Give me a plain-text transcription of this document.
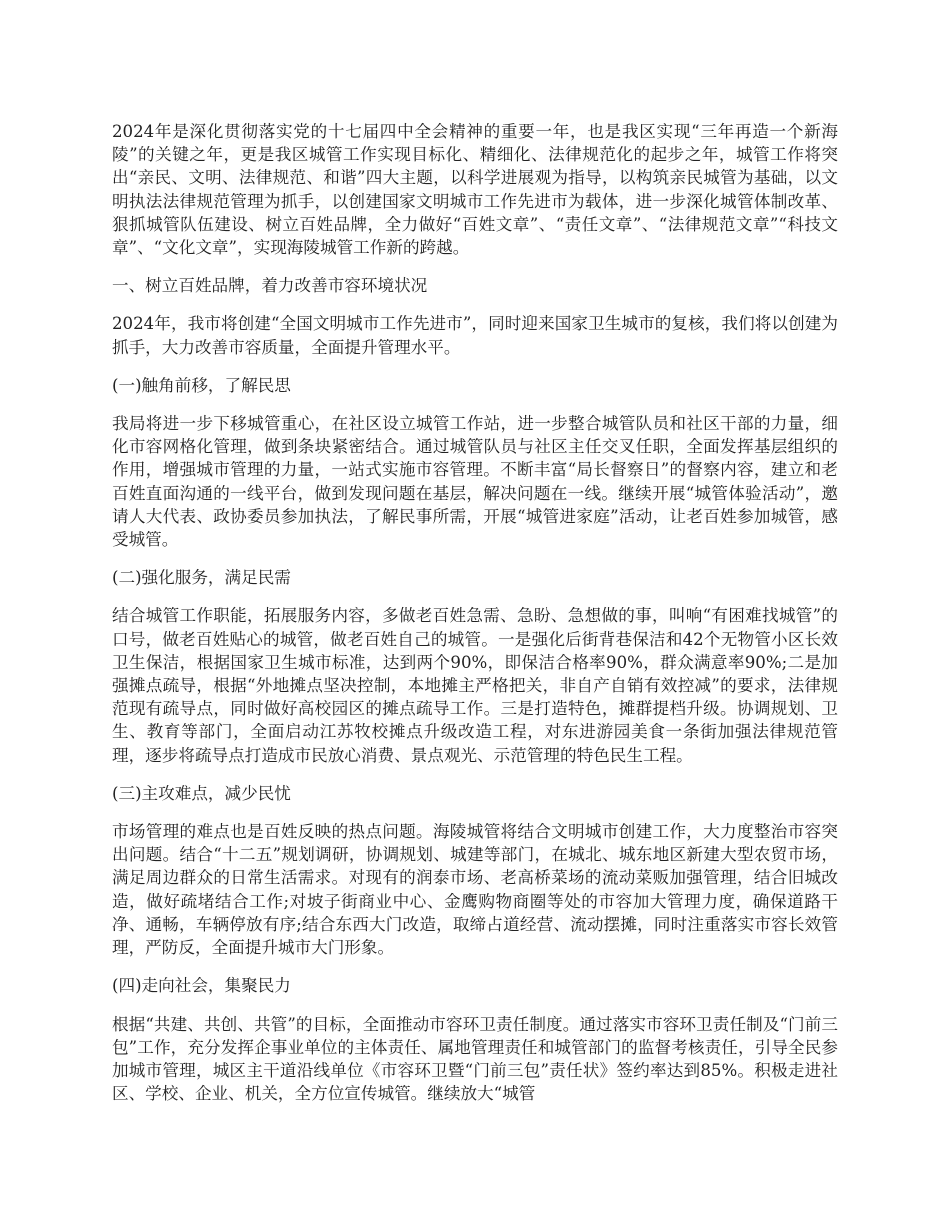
2024年是深化贯彻落实党的十七届四中全会精神的重要一年，也是我区实现“三年再造一个新海陵”的关键之年，更是我区城管工作实现目标化、精细化、法律规范化的起步之年，城管工作将突出“亲民、文明、法律规范、和谐”四大主题，以科学进展观为指导，以构筑亲民城管为基础，以文明执法法律规范管理为抓手，以创建国家文明城市工作先进市为载体，进一步深化城管体制改革、狠抓城管队伍建设、树立百姓品牌，全力做好“百姓文章”、“责任文章”、“法律规范文章”“科技文章”、“文化文章”，实现海陵城管工作新的跨越。

一、树立百姓品牌，着力改善市容环境状况

2024年，我市将创建“全国文明城市工作先进市”，同时迎来国家卫生城市的复核，我们将以创建为抓手，大力改善市容质量，全面提升管理水平。

(一)触角前移，了解民思

我局将进一步下移城管重心，在社区设立城管工作站，进一步整合城管队员和社区干部的力量，细化市容网格化管理，做到条块紧密结合。通过城管队员与社区主任交叉任职，全面发挥基层组织的作用，增强城市管理的力量，一站式实施市容管理。不断丰富“局长督察日”的督察内容，建立和老百姓直面沟通的一线平台，做到发现问题在基层，解决问题在一线。继续开展“城管体验活动”，邀请人大代表、政协委员参加执法，了解民事所需，开展“城管进家庭”活动，让老百姓参加城管，感受城管。

(二)强化服务，满足民需

结合城管工作职能，拓展服务内容，多做老百姓急需、急盼、急想做的事，叫响“有困难找城管”的口号，做老百姓贴心的城管，做老百姓自己的城管。一是强化后街背巷保洁和42个无物管小区长效卫生保洁，根据国家卫生城市标准，达到两个90%，即保洁合格率90%，群众满意率90%;二是加强摊点疏导，根据“外地摊点坚决控制，本地摊主严格把关，非自产自销有效控减”的要求，法律规范现有疏导点，同时做好高校园区的摊点疏导工作。三是打造特色，摊群提档升级。协调规划、卫生、教育等部门，全面启动江苏牧校摊点升级改造工程，对东进游园美食一条街加强法律规范管理，逐步将疏导点打造成市民放心消费、景点观光、示范管理的特色民生工程。

(三)主攻难点，减少民忧

市场管理的难点也是百姓反映的热点问题。海陵城管将结合文明城市创建工作，大力度整治市容突出问题。结合“十二五”规划调研，协调规划、城建等部门，在城北、城东地区新建大型农贸市场，满足周边群众的日常生活需求。对现有的润泰市场、老高桥菜场的流动菜贩加强管理，结合旧城改造，做好疏堵结合工作;对坡子街商业中心、金鹰购物商圈等处的市容加大管理力度，确保道路干净、通畅，车辆停放有序;结合东西大门改造，取缔占道经营、流动摆摊，同时注重落实市容长效管理，严防反，全面提升城市大门形象。

(四)走向社会，集聚民力

根据“共建、共创、共管”的目标，全面推动市容环卫责任制度。通过落实市容环卫责任制及“门前三包”工作，充分发挥企事业单位的主体责任、属地管理责任和城管部门的监督考核责任，引导全民参加城市管理，城区主干道沿线单位《市容环卫暨“门前三包”责任状》签约率达到85%。积极走进社区、学校、企业、机关，全方位宣传城管。继续放大“城管
